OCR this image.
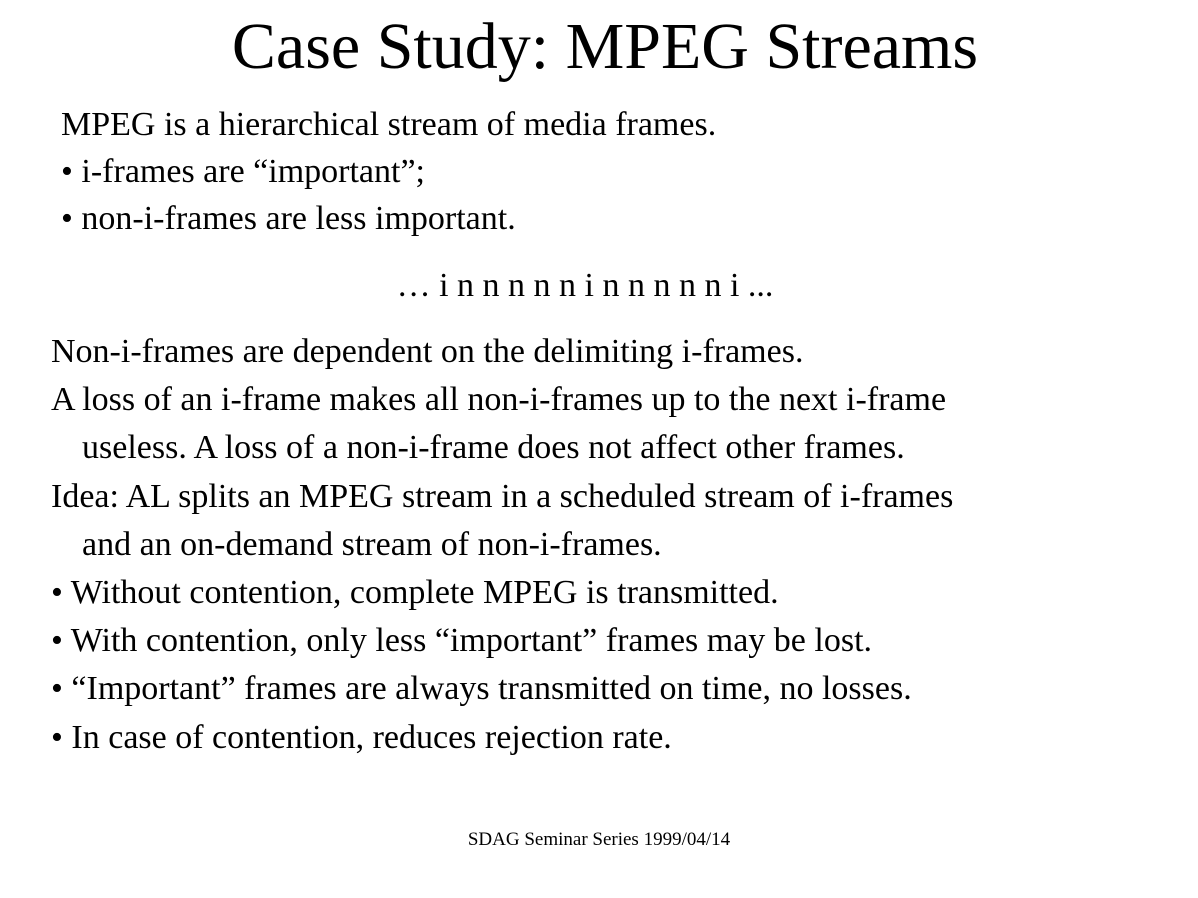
Case Study: MPEG Streams
MPEG is a hierarchical stream of media frames.
• i-frames are “important”;
• non-i-frames are less important.
… i n n n n n i n n n n n i ...
Non-i-frames are dependent on the delimiting i-frames.
A loss of an i-frame makes all non-i-frames up to the next i-frame
useless. A loss of a non-i-frame does not affect other frames.
Idea: AL splits an MPEG stream in a scheduled stream of i-frames
and an on-demand stream of non-i-frames.
• Without contention, complete MPEG is transmitted.
• With contention, only less “important” frames may be lost.
• “Important” frames are always transmitted on time, no losses.
• In case of contention, reduces rejection rate.
SDAG Seminar Series 1999/04/14
